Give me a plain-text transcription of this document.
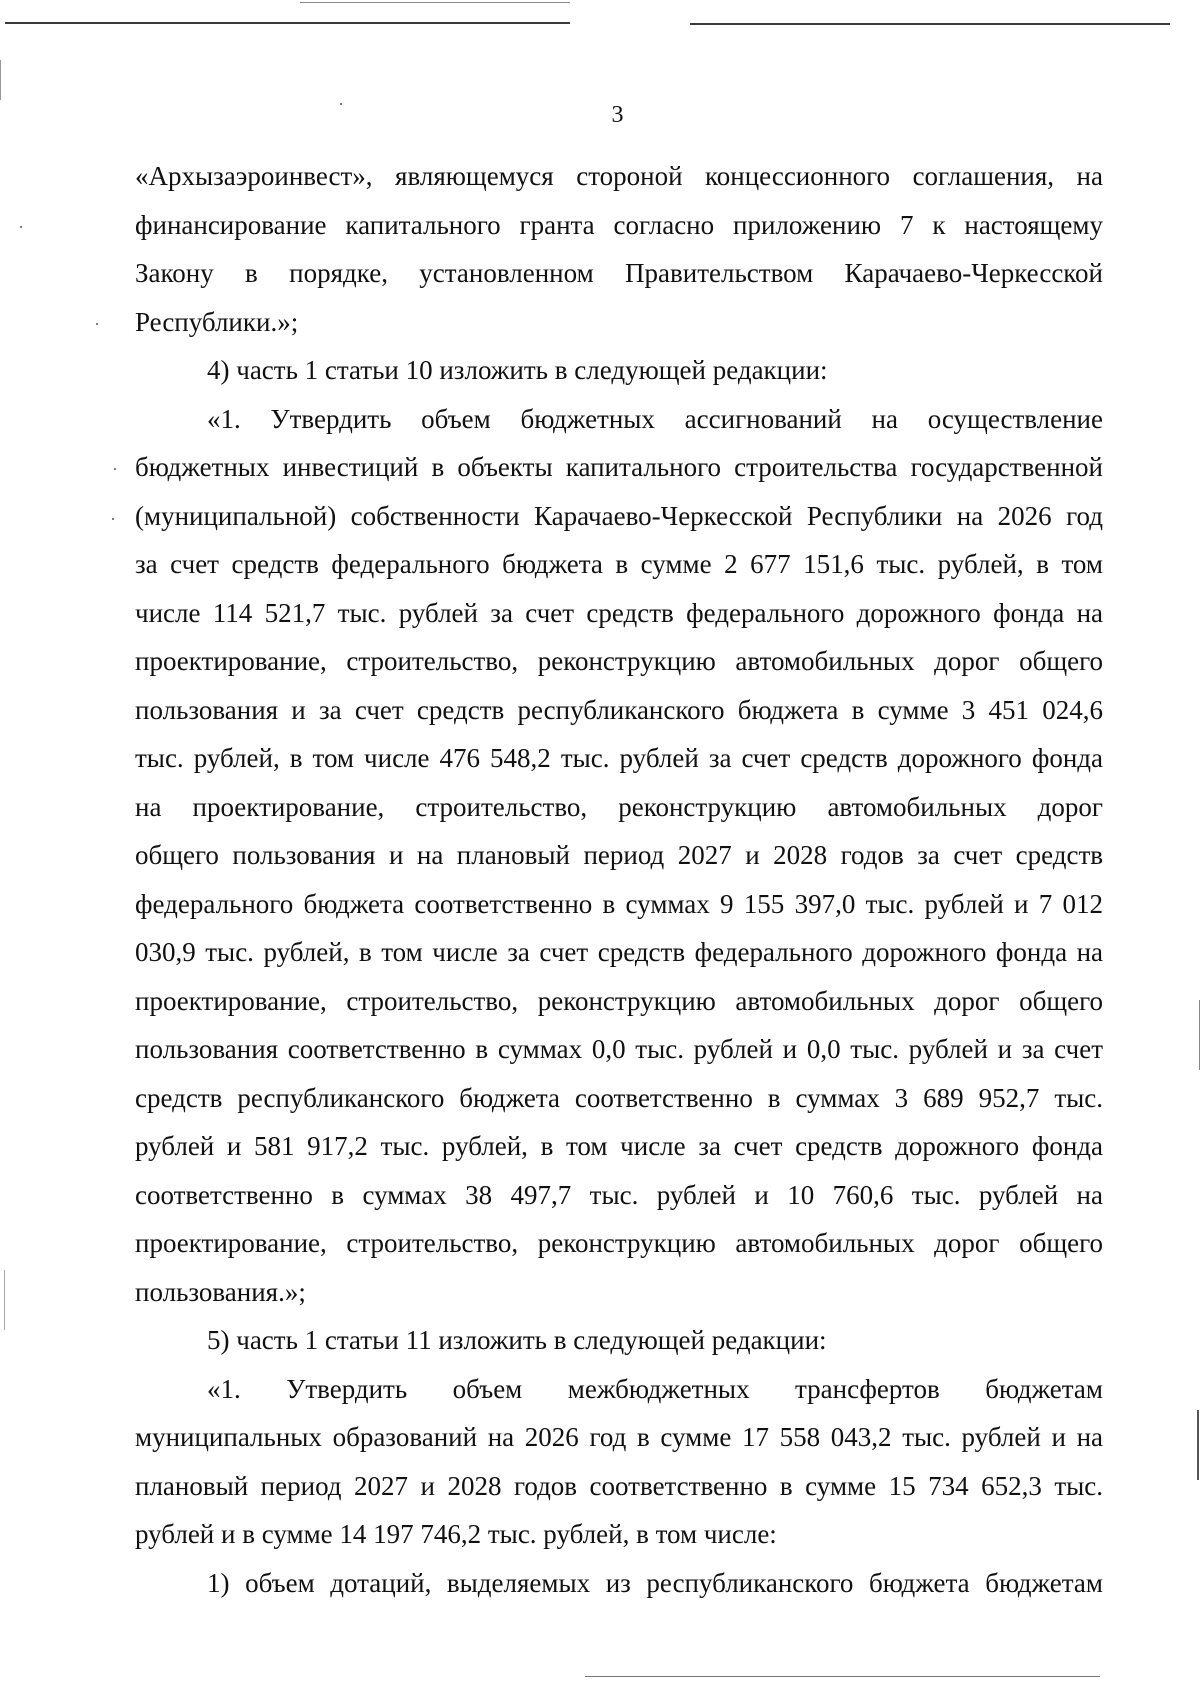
3
«Архызаэроинвест», являющемуся стороной концессионного соглашения, на
финансирование капитального гранта согласно приложению 7 к настоящему
Закону в порядке, установленном Правительством Карачаево-Черкесской
Республики.»;
4) часть 1 статьи 10 изложить в следующей редакции:
«1. Утвердить объем бюджетных ассигнований на осуществление
бюджетных инвестиций в объекты капитального строительства государственной
(муниципальной) собственности Карачаево-Черкесской Республики на 2026 год
за счет средств федерального бюджета в сумме 2 677 151,6 тыс. рублей, в том
числе 114 521,7 тыс. рублей за счет средств федерального дорожного фонда на
проектирование, строительство, реконструкцию автомобильных дорог общего
пользования и за счет средств республиканского бюджета в сумме 3 451 024,6
тыс. рублей, в том числе 476 548,2 тыс. рублей за счет средств дорожного фонда
на проектирование, строительство, реконструкцию автомобильных дорог
общего пользования и на плановый период 2027 и 2028 годов за счет средств
федерального бюджета соответственно в суммах 9 155 397,0 тыс. рублей и 7 012
030,9 тыс. рублей, в том числе за счет средств федерального дорожного фонда на
проектирование, строительство, реконструкцию автомобильных дорог общего
пользования соответственно в суммах 0,0 тыс. рублей и 0,0 тыс. рублей и за счет
средств республиканского бюджета соответственно в суммах 3 689 952,7 тыс.
рублей и 581 917,2 тыс. рублей, в том числе за счет средств дорожного фонда
соответственно в суммах 38 497,7 тыс. рублей и 10 760,6 тыс. рублей на
проектирование, строительство, реконструкцию автомобильных дорог общего
пользования.»;
5) часть 1 статьи 11 изложить в следующей редакции:
«1. Утвердить объем межбюджетных трансфертов бюджетам
муниципальных образований на 2026 год в сумме 17 558 043,2 тыс. рублей и на
плановый период 2027 и 2028 годов соответственно в сумме 15 734 652,3 тыс.
рублей и в сумме 14 197 746,2 тыс. рублей, в том числе:
1) объем дотаций, выделяемых из республиканского бюджета бюджетам
